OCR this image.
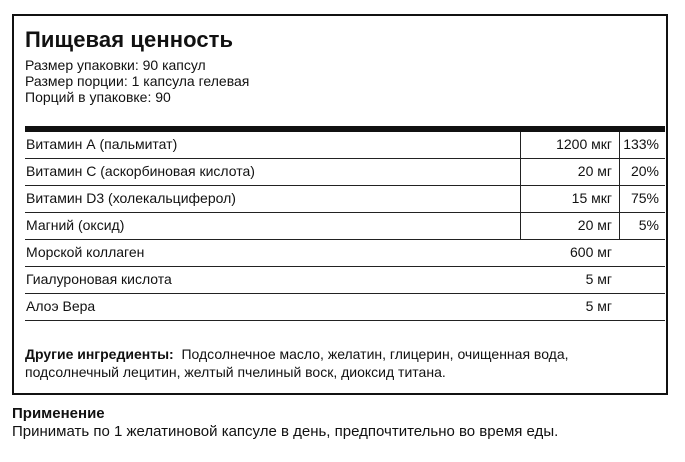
Пищевая ценность
Размер упаковки: 90 капсул
Размер порции: 1 капсула гелевая
Порций в упаковке: 90
Витамин А (пальмитат)	1200 мкг 133%
Витамин С (аскорбиновая кислота)	20 мг 20%
Витамин D3 (холекальциферол)	15 мкг 75%
Магний (оксид)	20 мг 5%
Морской коллаген	600 мг
Гиалуроновая кислота	5 мг
Алоэ Вера	5 мг
Другие ингредиенты: Подсолнечное масло, желатин, глицерин, очищенная вода, подсолнечный лецитин, желтый пчелиный воск, диоксид титана.
Применение
Принимать по 1 желатиновой капсуле в день, предпочтительно во время еды.
